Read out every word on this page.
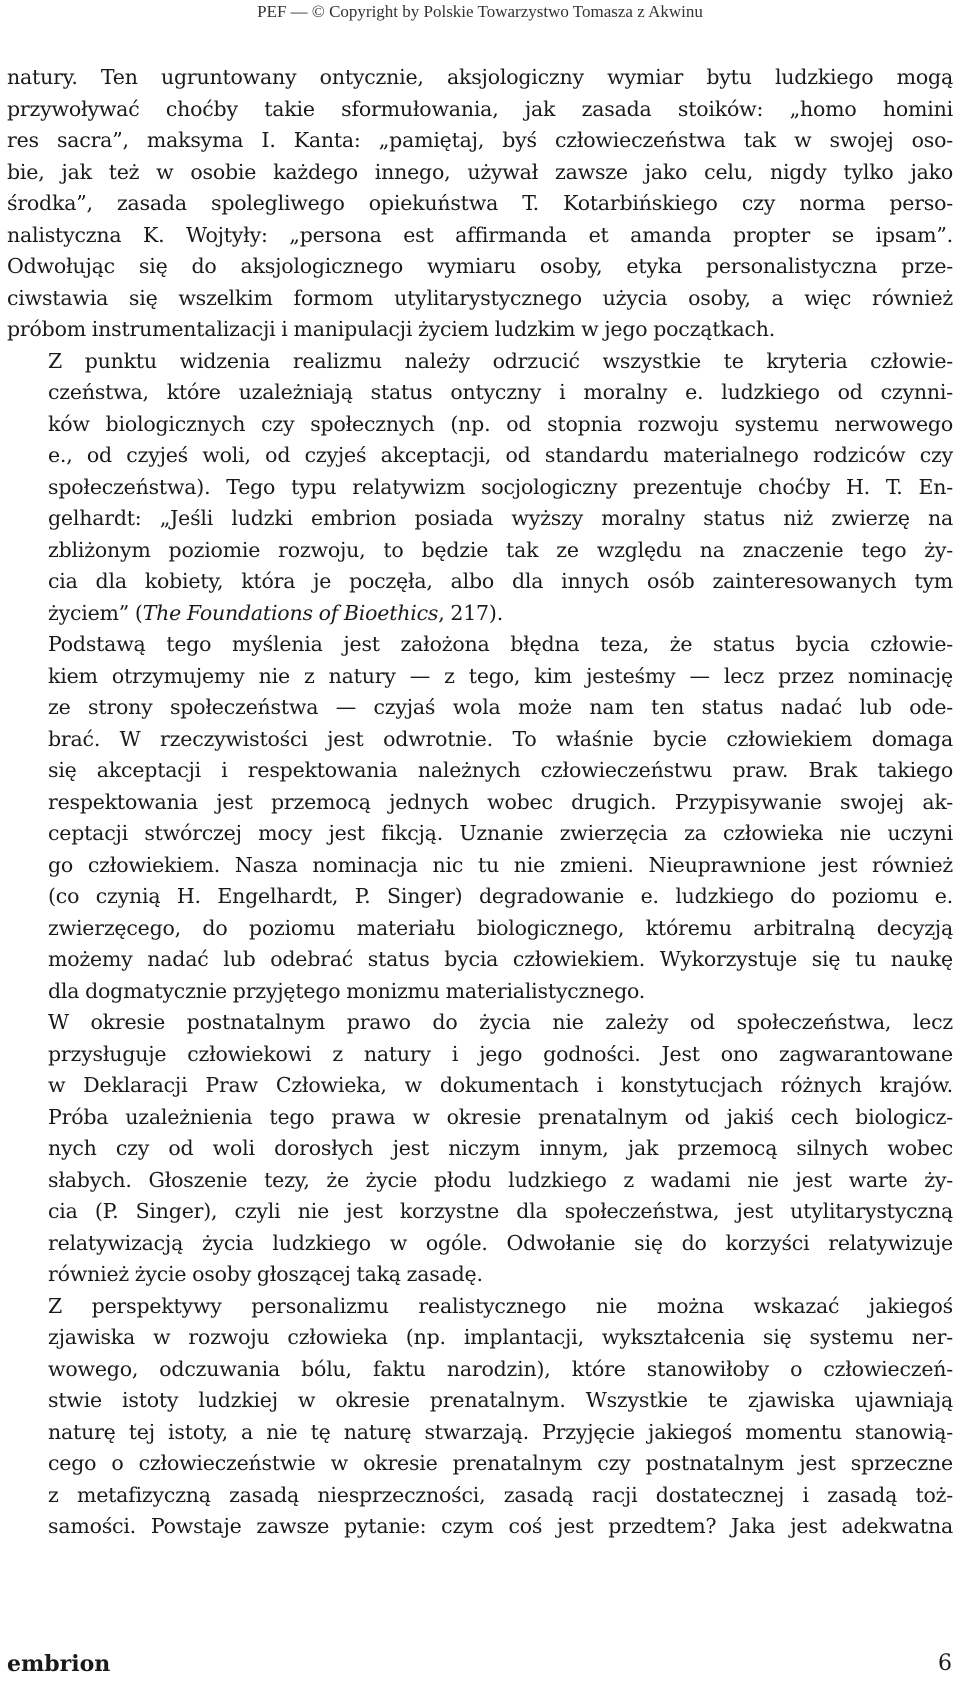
PEF — © Copyright by Polskie Towarzystwo Tomasza z Akwinu
natury. Ten ugruntowany ontycznie, aksjologiczny wymiar bytu ludzkiego mogą
przywoływać choćby takie sformułowania, jak zasada stoików: „homo homini
res sacra”, maksyma I. Kanta: „pamiętaj, byś człowieczeństwa tak w swojej oso-
bie, jak też w osobie każdego innego, używał zawsze jako celu, nigdy tylko jako
środka”, zasada spolegliwego opiekuństwa T. Kotarbińskiego czy norma perso-
nalistyczna K. Wojtyły: „persona est affirmanda et amanda propter se ipsam”.
Odwołując się do aksjologicznego wymiaru osoby, etyka personalistyczna prze-
ciwstawia się wszelkim formom utylitarystycznego użycia osoby, a więc również
próbom instrumentalizacji i manipulacji życiem ludzkim w jego początkach.
Z punktu widzenia realizmu należy odrzucić wszystkie te kryteria człowie-
czeństwa, które uzależniają status ontyczny i moralny e. ludzkiego od czynni-
ków biologicznych czy społecznych (np. od stopnia rozwoju systemu nerwowego
e., od czyjeś woli, od czyjeś akceptacji, od standardu materialnego rodziców czy
społeczeństwa). Tego typu relatywizm socjologiczny prezentuje choćby H. T. En-
gelhardt: „Jeśli ludzki embrion posiada wyższy moralny status niż zwierzę na
zbliżonym poziomie rozwoju, to będzie tak ze względu na znaczenie tego ży-
cia dla kobiety, która je poczęła, albo dla innych osób zainteresowanych tym
życiem” (The Foundations of Bioethics, 217).
Podstawą tego myślenia jest założona błędna teza, że status bycia człowie-
kiem otrzymujemy nie z natury — z tego, kim jesteśmy — lecz przez nominację
ze strony społeczeństwa — czyjaś wola może nam ten status nadać lub ode-
brać. W rzeczywistości jest odwrotnie. To właśnie bycie człowiekiem domaga
się akceptacji i respektowania należnych człowieczeństwu praw. Brak takiego
respektowania jest przemocą jednych wobec drugich. Przypisywanie swojej ak-
ceptacji stwórczej mocy jest fikcją. Uznanie zwierzęcia za człowieka nie uczyni
go człowiekiem. Nasza nominacja nic tu nie zmieni. Nieuprawnione jest również
(co czynią H. Engelhardt, P. Singer) degradowanie e. ludzkiego do poziomu e.
zwierzęcego, do poziomu materiału biologicznego, któremu arbitralną decyzją
możemy nadać lub odebrać status bycia człowiekiem. Wykorzystuje się tu naukę
dla dogmatycznie przyjętego monizmu materialistycznego.
W okresie postnatalnym prawo do życia nie zależy od społeczeństwa, lecz
przysługuje człowiekowi z natury i jego godności. Jest ono zagwarantowane
w Deklaracji Praw Człowieka, w dokumentach i konstytucjach różnych krajów.
Próba uzależnienia tego prawa w okresie prenatalnym od jakiś cech biologicz-
nych czy od woli dorosłych jest niczym innym, jak przemocą silnych wobec
słabych. Głoszenie tezy, że życie płodu ludzkiego z wadami nie jest warte ży-
cia (P. Singer), czyli nie jest korzystne dla społeczeństwa, jest utylitarystyczną
relatywizacją życia ludzkiego w ogóle. Odwołanie się do korzyści relatywizuje
również życie osoby głoszącej taką zasadę.
Z perspektywy personalizmu realistycznego nie można wskazać jakiegoś
zjawiska w rozwoju człowieka (np. implantacji, wykształcenia się systemu ner-
wowego, odczuwania bólu, faktu narodzin), które stanowiłoby o człowieczeń-
stwie istoty ludzkiej w okresie prenatalnym. Wszystkie te zjawiska ujawniają
naturę tej istoty, a nie tę naturę stwarzają. Przyjęcie jakiegoś momentu stanowią-
cego o człowieczeństwie w okresie prenatalnym czy postnatalnym jest sprzeczne
z metafizyczną zasadą niesprzeczności, zasadą racji dostatecznej i zasadą toż-
samości. Powstaje zawsze pytanie: czym coś jest przedtem? Jaka jest adekwatna
embrion	6
